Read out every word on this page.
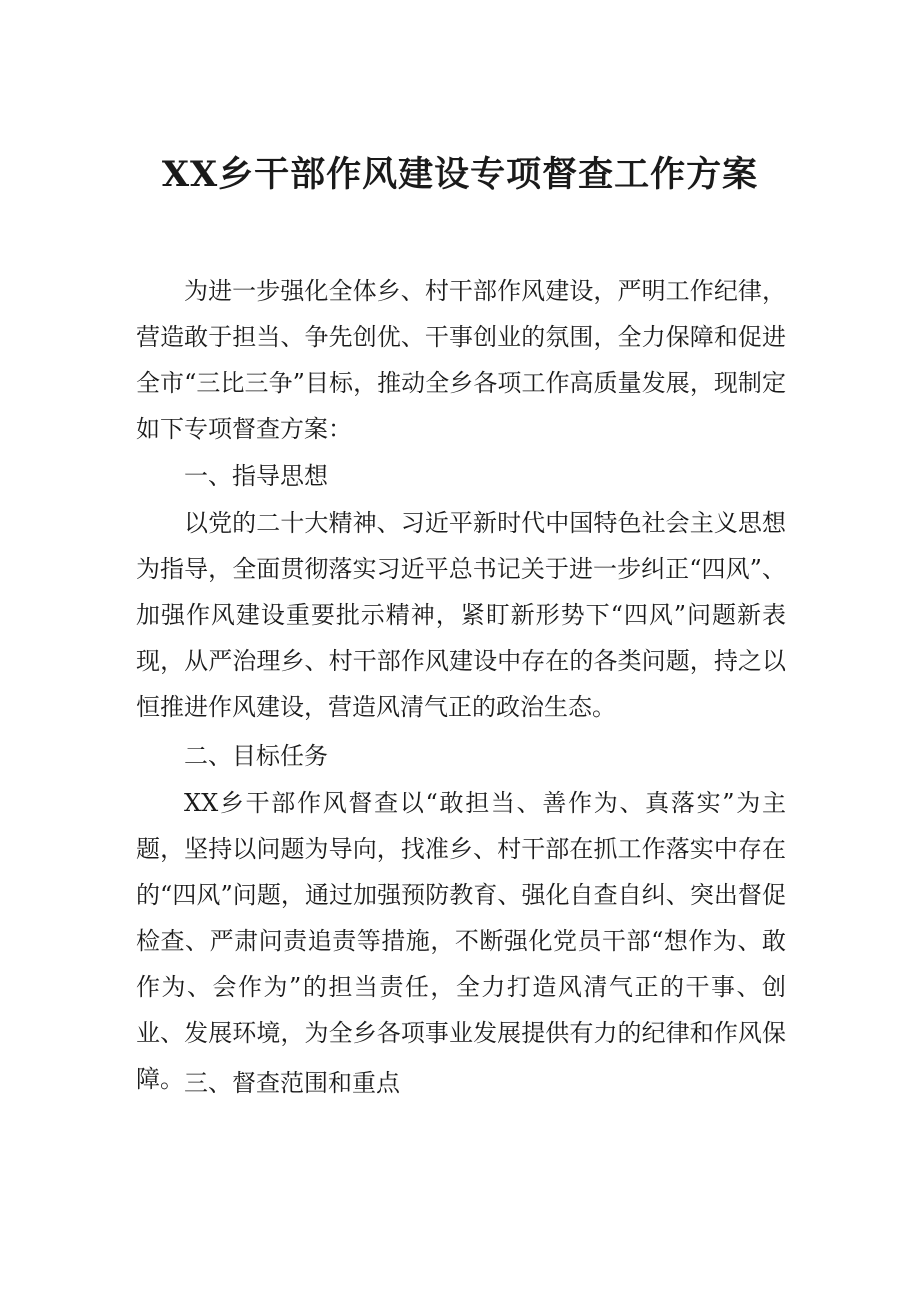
XX乡干部作风建设专项督查工作方案

为进一步强化全体乡、村干部作风建设，严明工作纪律，营造敢于担当、争先创优、干事创业的氛围，全力保障和促进全市“三比三争”目标，推动全乡各项工作高质量发展，现制定如下专项督查方案：

一、指导思想

以党的二十大精神、习近平新时代中国特色社会主义思想为指导，全面贯彻落实习近平总书记关于进一步纠正“四风”、加强作风建设重要批示精神，紧盯新形势下“四风”问题新表现，从严治理乡、村干部作风建设中存在的各类问题，持之以恒推进作风建设，营造风清气正的政治生态。

二、目标任务

XX乡干部作风督查以“敢担当、善作为、真落实”为主题，坚持以问题为导向，找准乡、村干部在抓工作落实中存在的“四风”问题，通过加强预防教育、强化自查自纠、突出督促检查、严肃问责追责等措施，不断强化党员干部“想作为、敢作为、会作为”的担当责任，全力打造风清气正的干事、创业、发展环境，为全乡各项事业发展提供有力的纪律和作风保障。 三、督查范围和重点
